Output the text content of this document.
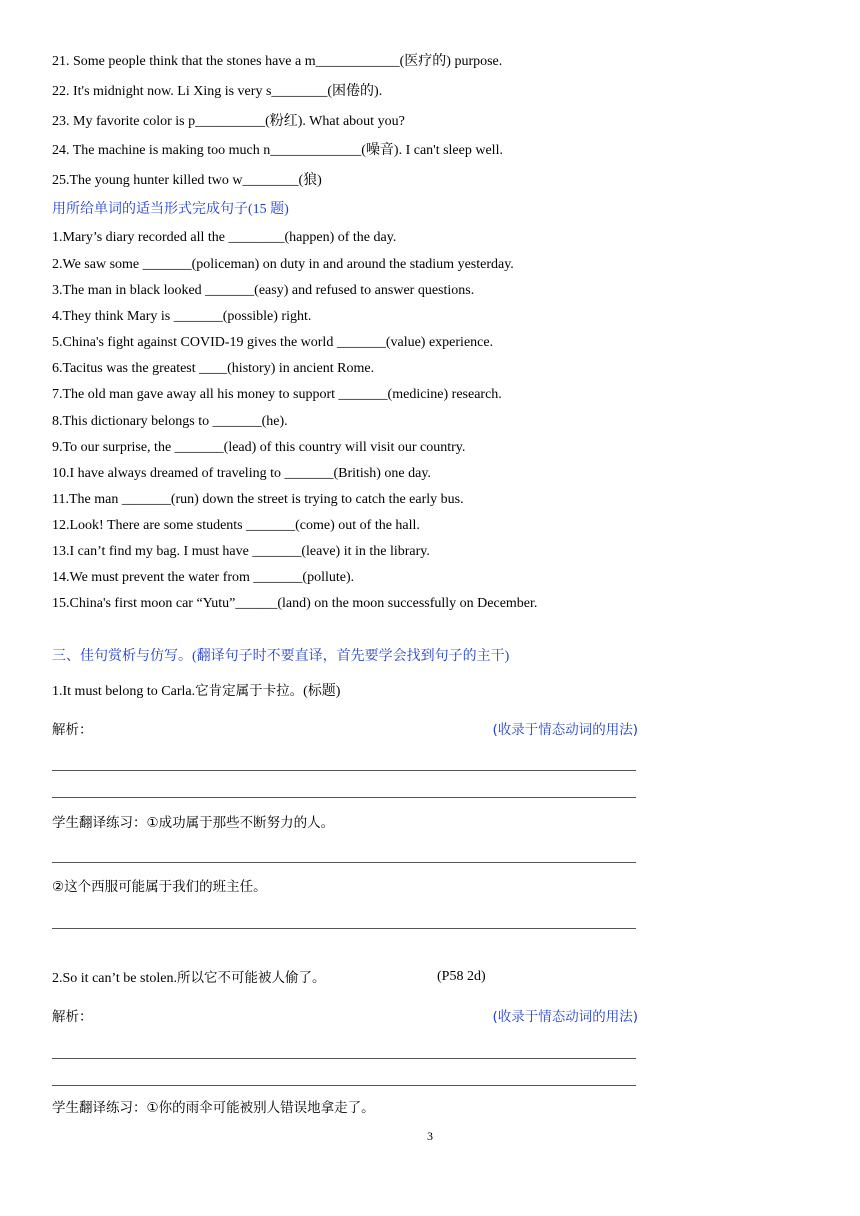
21. Some people think that the stones have a m____________(医疗的) purpose.
22. It's midnight now. Li Xing is very s________(困倦的).
23. My favorite color is p__________(粉红). What about you?
24. The machine is making too much n_____________(噪音). I can't sleep well.
25.The young hunter killed two w________(狼)
用所给单词的适当形式完成句子(15 题)
1.Mary’s diary recorded all the ________(happen) of the day.
2.We saw some _______(policeman) on duty in and around the stadium yesterday.
3.The man in black looked _______(easy) and refused to answer questions.
4.They think Mary is _______(possible) right.
5.China's fight against COVID-19 gives the world _______(value) experience.
6.Tacitus was the greatest ____(history) in ancient Rome.
7.The old man gave away all his money to support _______(medicine) research.
8.This dictionary belongs to _______(he).
9.To our surprise, the _______(lead) of this country will visit our country.
10.I have always dreamed of traveling to _______(British) one day.
11.The man _______(run) down the street is trying to catch the early bus.
12.Look! There are some students _______(come) out of the hall.
13.I can’t find my bag. I must have _______(leave) it in the library.
14.We must prevent the water from _______(pollute).
15.China's first moon car “Yutu”______(land) on the moon successfully on December.
三、佳句赏析与仿写。(翻译句子时不要直译，首先要学会找到句子的主干)
1.It must belong to Carla.它肯定属于卡拉。(标题)
解析：	(收录于情态动词的用法)
学生翻译练习：①成功属于那些不断努力的人。
②这个西服可能属于我们的班主任。
2.So it can’t be stolen.所以它不可能被人偷了。	(P58 2d)
解析：	(收录于情态动词的用法)
学生翻译练习：①你的雨伞可能被别人错误地拿走了。
3
